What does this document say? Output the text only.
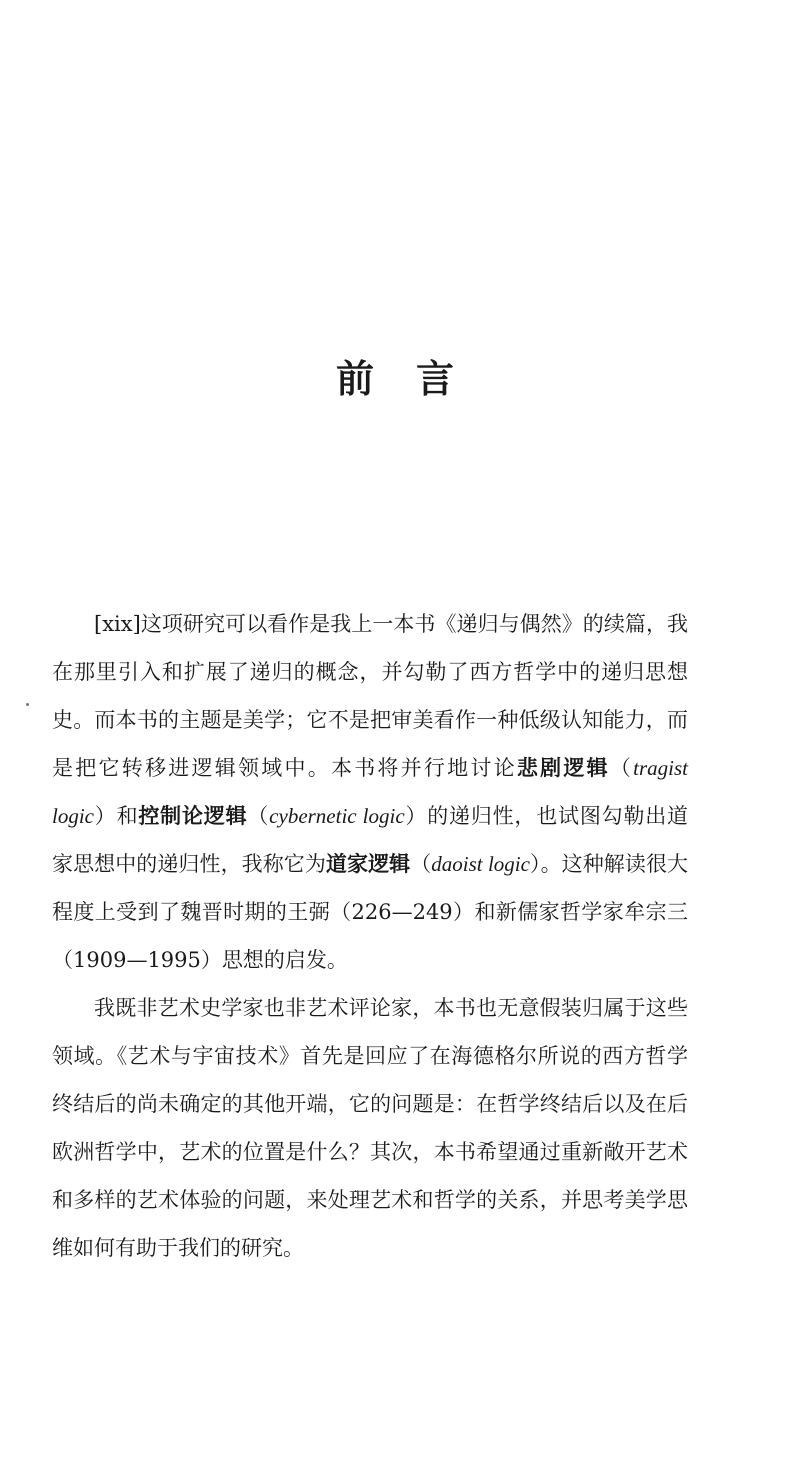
前言

[xix]这项研究可以看作是我上一本书《递归与偶然》的续篇，我在那里引入和扩展了递归的概念，并勾勒了西方哲学中的递归思想史。而本书的主题是美学；它不是把审美看作一种低级认知能力，而是把它转移进逻辑领域中。本书将并行地讨论悲剧逻辑（tragist logic）和控制论逻辑（cybernetic logic）的递归性，也试图勾勒出道家思想中的递归性，我称它为道家逻辑（daoist logic）。这种解读很大程度上受到了魏晋时期的王弼（226—249）和新儒家哲学家牟宗三（1909—1995）思想的启发。

我既非艺术史学家也非艺术评论家，本书也无意假装归属于这些领域。《艺术与宇宙技术》首先是回应了在海德格尔所说的西方哲学终结后的尚未确定的其他开端，它的问题是：在哲学终结后以及在后欧洲哲学中，艺术的位置是什么？其次，本书希望通过重新敞开艺术和多样的艺术体验的问题，来处理艺术和哲学的关系，并思考美学思维如何有助于我们的研究。
